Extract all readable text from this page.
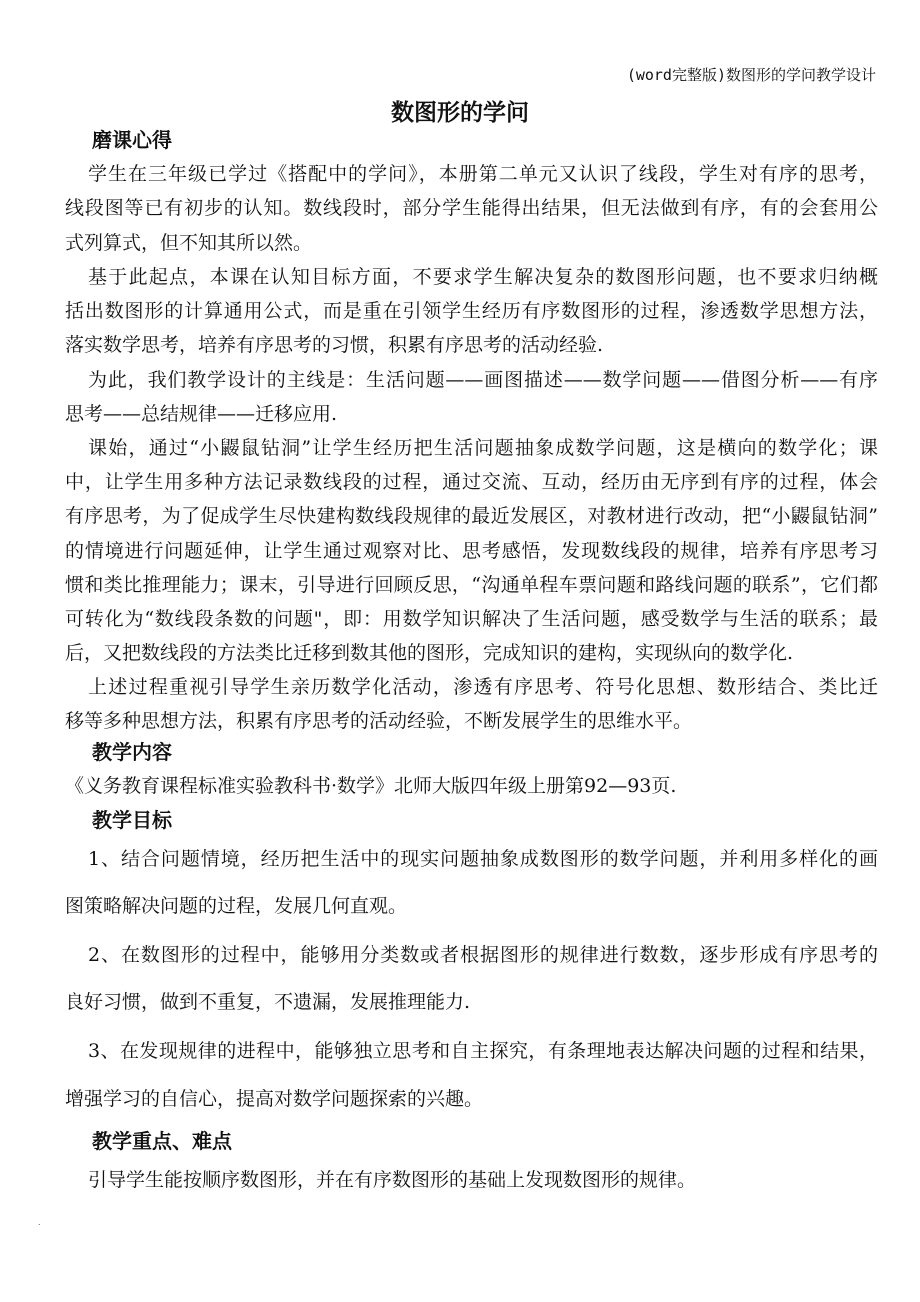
(word完整版)数图形的学问教学设计
数图形的学问
磨课心得
学生在三年级已学过《搭配中的学问》，本册第二单元又认识了线段，学生对有序的思考，
线段图等已有初步的认知。数线段时，部分学生能得出结果，但无法做到有序，有的会套用公
式列算式，但不知其所以然。
基于此起点，本课在认知目标方面，不要求学生解决复杂的数图形问题，也不要求归纳概
括出数图形的计算通用公式，而是重在引领学生经历有序数图形的过程，渗透数学思想方法，
落实数学思考，培养有序思考的习惯，积累有序思考的活动经验.
为此，我们教学设计的主线是：生活问题——画图描述——数学问题——借图分析——有序
思考——总结规律——迁移应用.
课始，通过“小鼹鼠钻洞”让学生经历把生活问题抽象成数学问题，这是横向的数学化；课
中，让学生用多种方法记录数线段的过程，通过交流、互动，经历由无序到有序的过程，体会
有序思考，为了促成学生尽快建构数线段规律的最近发展区，对教材进行改动，把“小鼹鼠钻洞”
的情境进行问题延伸，让学生通过观察对比、思考感悟，发现数线段的规律，培养有序思考习
惯和类比推理能力；课末，引导进行回顾反思，“沟通单程车票问题和路线问题的联系”，它们都
可转化为“数线段条数的问题"，即：用数学知识解决了生活问题，感受数学与生活的联系；最
后，又把数线段的方法类比迁移到数其他的图形，完成知识的建构，实现纵向的数学化.
上述过程重视引导学生亲历数学化活动，渗透有序思考、符号化思想、数形结合、类比迁
移等多种思想方法，积累有序思考的活动经验，不断发展学生的思维水平。
教学内容
《义务教育课程标准实验教科书·数学》北师大版四年级上册第92—93页.
教学目标
1、结合问题情境，经历把生活中的现实问题抽象成数图形的数学问题，并利用多样化的画
图策略解决问题的过程，发展几何直观。
2、在数图形的过程中，能够用分类数或者根据图形的规律进行数数，逐步形成有序思考的
良好习惯，做到不重复，不遗漏，发展推理能力.
3、在发现规律的进程中，能够独立思考和自主探究，有条理地表达解决问题的过程和结果，
增强学习的自信心，提高对数学问题探索的兴趣。
教学重点、难点
引导学生能按顺序数图形，并在有序数图形的基础上发现数图形的规律。
.
